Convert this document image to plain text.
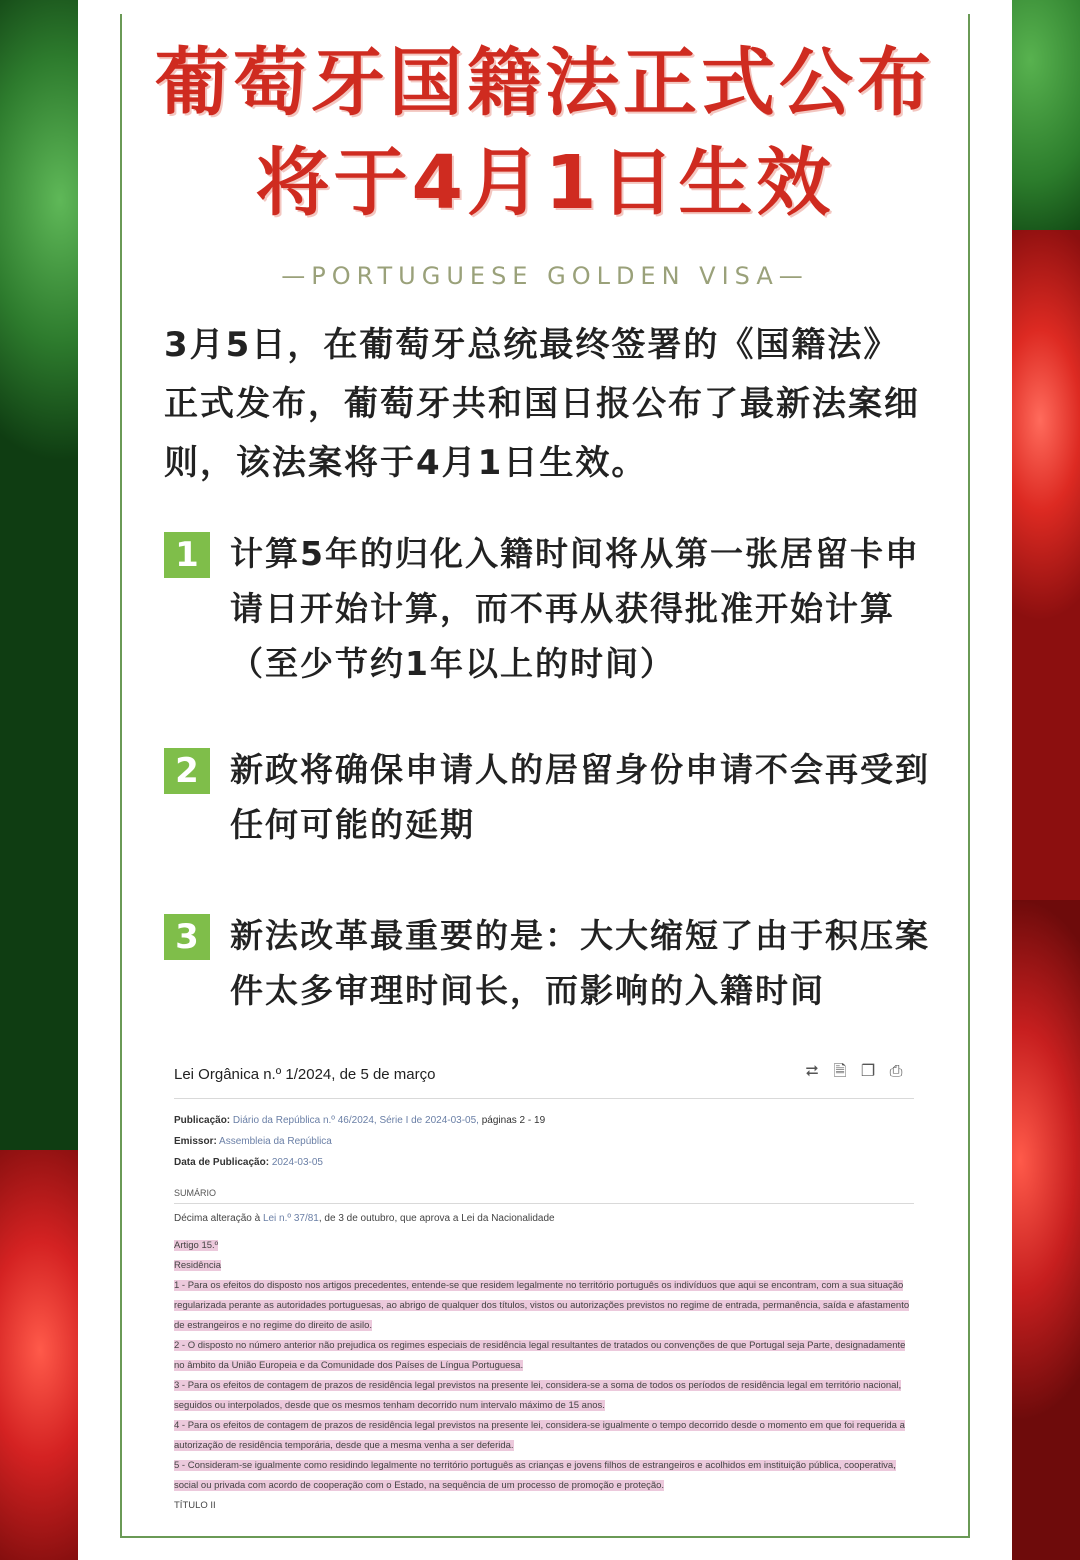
葡萄牙国籍法正式公布
将于4月1日生效
—PORTUGUESE GOLDEN VISA—
3月5日，在葡萄牙总统最终签署的《国籍法》正式发布，葡萄牙共和国日报公布了最新法案细则，该法案将于4月1日生效。
1 计算5年的归化入籍时间将从第一张居留卡申请日开始计算，而不再从获得批准开始计算（至少节约1年以上的时间）
2 新政将确保申请人的居留身份申请不会再受到任何可能的延期
3 新法改革最重要的是：大大缩短了由于积压案件太多审理时间长，而影响的入籍时间
Lei Orgânica n.º 1/2024, de 5 de março	⮂ 🗎 ❐ ⎙
Publicação: Diário da República n.º 46/2024, Série I de 2024-03-05, páginas 2 - 19
Emissor: Assembleia da República
Data de Publicação: 2024-03-05
SUMÁRIO
Décima alteração à Lei n.º 37/81, de 3 de outubro, que aprova a Lei da Nacionalidade

Artigo 15.º

Residência

1 - Para os efeitos do disposto nos artigos precedentes, entende-se que residem legalmente no território português os indivíduos que aqui se encontram, com a sua situação regularizada perante as autoridades portuguesas, ao abrigo de qualquer dos títulos, vistos ou autorizações previstos no regime de entrada, permanência, saída e afastamento de estrangeiros e no regime do direito de asilo.

2 - O disposto no número anterior não prejudica os regimes especiais de residência legal resultantes de tratados ou convenções de que Portugal seja Parte, designadamente no âmbito da União Europeia e da Comunidade dos Países de Língua Portuguesa.

3 - Para os efeitos de contagem de prazos de residência legal previstos na presente lei, considera-se a soma de todos os períodos de residência legal em território nacional, seguidos ou interpolados, desde que os mesmos tenham decorrido num intervalo máximo de 15 anos.

4 - Para os efeitos de contagem de prazos de residência legal previstos na presente lei, considera-se igualmente o tempo decorrido desde o momento em que foi requerida a autorização de residência temporária, desde que a mesma venha a ser deferida.

5 - Consideram-se igualmente como residindo legalmente no território português as crianças e jovens filhos de estrangeiros e acolhidos em instituição pública, cooperativa, social ou privada com acordo de cooperação com o Estado, na sequência de um processo de promoção e proteção.

TÍTULO II
